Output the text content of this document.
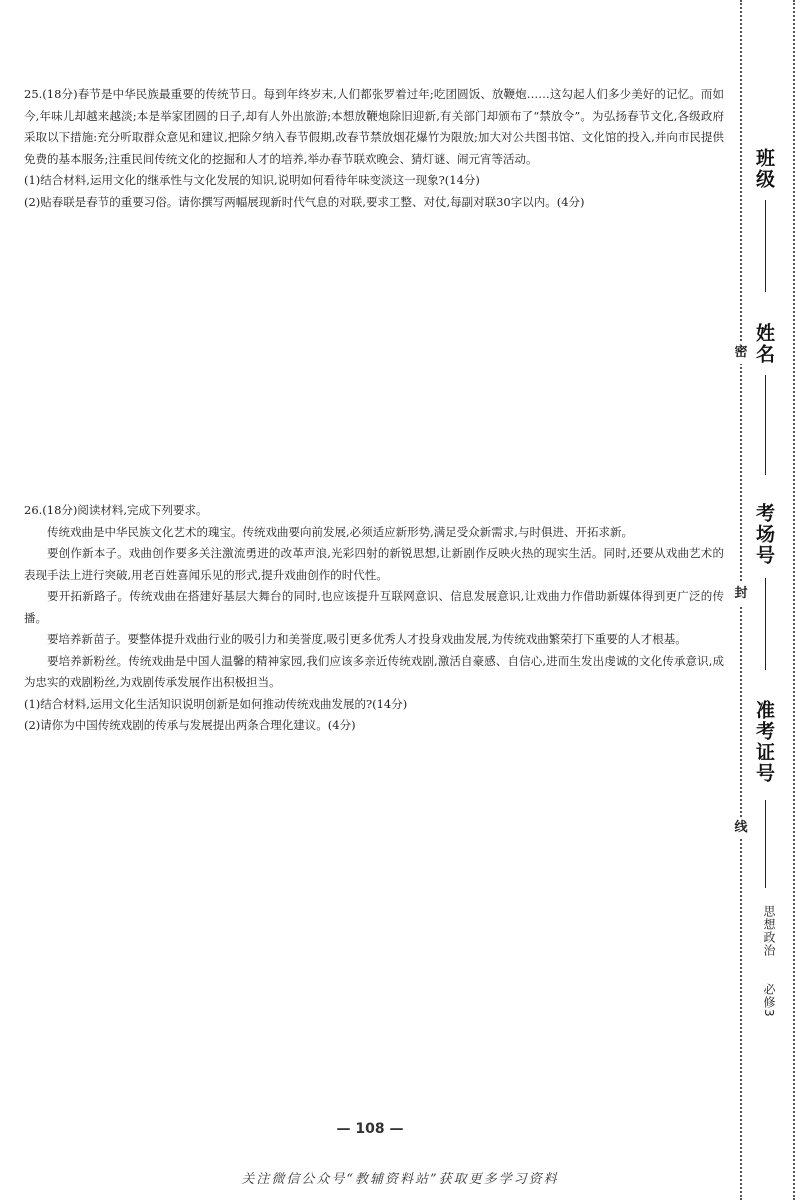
25.(18分)春节是中华民族最重要的传统节日。每到年终岁末,人们都张罗着过年;吃团圆饭、放鞭炮……这勾起人们多少美好的记忆。而如今,年味儿却越来越淡;本是举家团圆的日子,却有人外出旅游;本想放鞭炮除旧迎新,有关部门却颁布了“禁放令”。为弘扬春节文化,各级政府采取以下措施:充分听取群众意见和建议,把除夕纳入春节假期,改春节禁放烟花爆竹为限放;加大对公共图书馆、文化馆的投入,并向市民提供免费的基本服务;注重民间传统文化的挖掘和人才的培养,举办春节联欢晚会、猜灯谜、闹元宵等活动。

(1)结合材料,运用文化的继承性与文化发展的知识,说明如何看待年味变淡这一现象?(14分)

(2)贴春联是春节的重要习俗。请你撰写两幅展现新时代气息的对联,要求工整、对仗,每副对联30字以内。(4分)

26.(18分)阅读材料,完成下列要求。

传统戏曲是中华民族文化艺术的瑰宝。传统戏曲要向前发展,必须适应新形势,满足受众新需求,与时俱进、开拓求新。

要创作新本子。戏曲创作要多关注激流勇进的改革声浪,光彩四射的新锐思想,让新剧作反映火热的现实生活。同时,还要从戏曲艺术的表现手法上进行突破,用老百姓喜闻乐见的形式,提升戏曲创作的时代性。

要开拓新路子。传统戏曲在搭建好基层大舞台的同时,也应该提升互联网意识、信息发展意识,让戏曲力作借助新媒体得到更广泛的传播。

要培养新苗子。要整体提升戏曲行业的吸引力和美誉度,吸引更多优秀人才投身戏曲发展,为传统戏曲繁荣打下重要的人才根基。

要培养新粉丝。传统戏曲是中国人温馨的精神家园,我们应该多亲近传统戏剧,激活自豪感、自信心,进而生发出虔诚的文化传承意识,成为忠实的戏剧粉丝,为戏剧传承发展作出积极担当。

(1)结合材料,运用文化生活知识说明创新是如何推动传统戏曲发展的?(14分)

(2)请你为中国传统戏剧的传承与发展提出两条合理化建议。(4分)

— 108 —
关注微信公众号“教辅资料站”获取更多学习资料
密
封
线
班级
姓名
考场号
准考证号
思想政治  必修3
